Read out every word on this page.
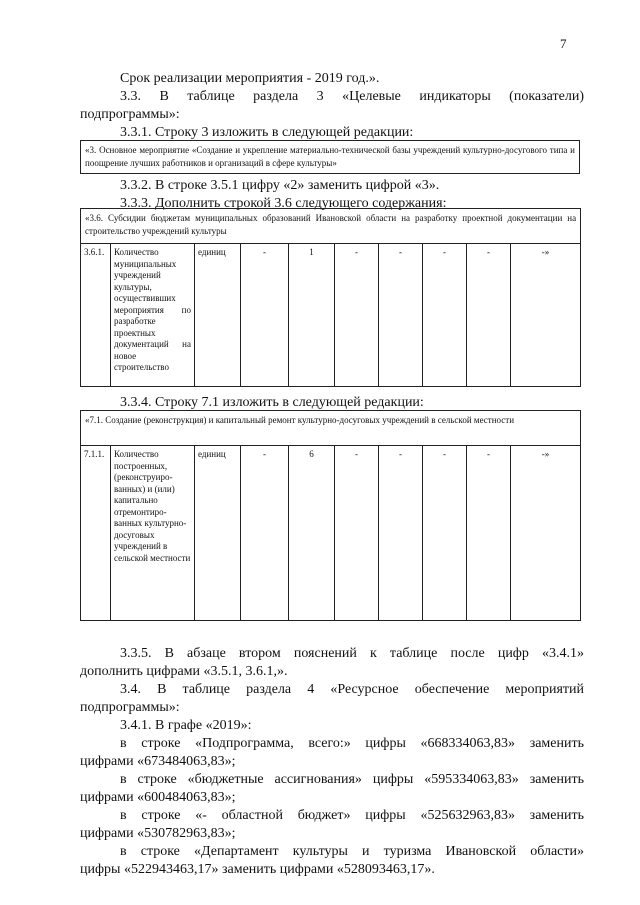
7
Срок реализации мероприятия - 2019 год.».
3.3. В таблице раздела 3 «Целевые индикаторы (показатели)
подпрограммы»:
3.3.1. Строку 3 изложить в следующей редакции:
«3. Основное мероприятие «Создание и укрепление материально-технической базы учреждений культурно-досугового типа и поощрение лучших работников и организаций в сфере культуры»
3.3.2. В строке 3.5.1 цифру «2» заменить цифрой «3».
3.3.3. Дополнить строкой 3.6 следующего содержания:
«3.6. Субсидии бюджетам муниципальных образований Ивановской области на разработку проектной документации на строительство учреждений культуры
3.6.1.	Количество муниципальных учреждений культуры, осуществивших мероприятия по разработке проектных документаций на новое строительство	единиц	-	1	-	-	-	-	-»
3.3.4. Строку 7.1 изложить в следующей редакции:
«7.1. Создание (реконструкция) и капитальный ремонт культурно-досуговых учреждений в сельской местности
7.1.1.	Количество построенных, (реконструиро-ванных) и (или) капитально отремонтиро-ванных культурно-досуговых учреждений в сельской местности	единиц	-	6	-	-	-	-	-»
3.3.5. В абзаце втором пояснений к таблице после цифр «3.4.1»
дополнить цифрами «3.5.1, 3.6.1,».
3.4. В таблице раздела 4 «Ресурсное обеспечение мероприятий
подпрограммы»:
3.4.1. В графе «2019»:
в строке «Подпрограмма, всего:» цифры «668334063,83» заменить
цифрами «673484063,83»;
в строке «бюджетные ассигнования» цифры «595334063,83» заменить
цифрами «600484063,83»;
в строке «- областной бюджет» цифры «525632963,83» заменить
цифрами «530782963,83»;
в строке «Департамент культуры и туризма Ивановской области»
цифры «522943463,17» заменить цифрами «528093463,17».
